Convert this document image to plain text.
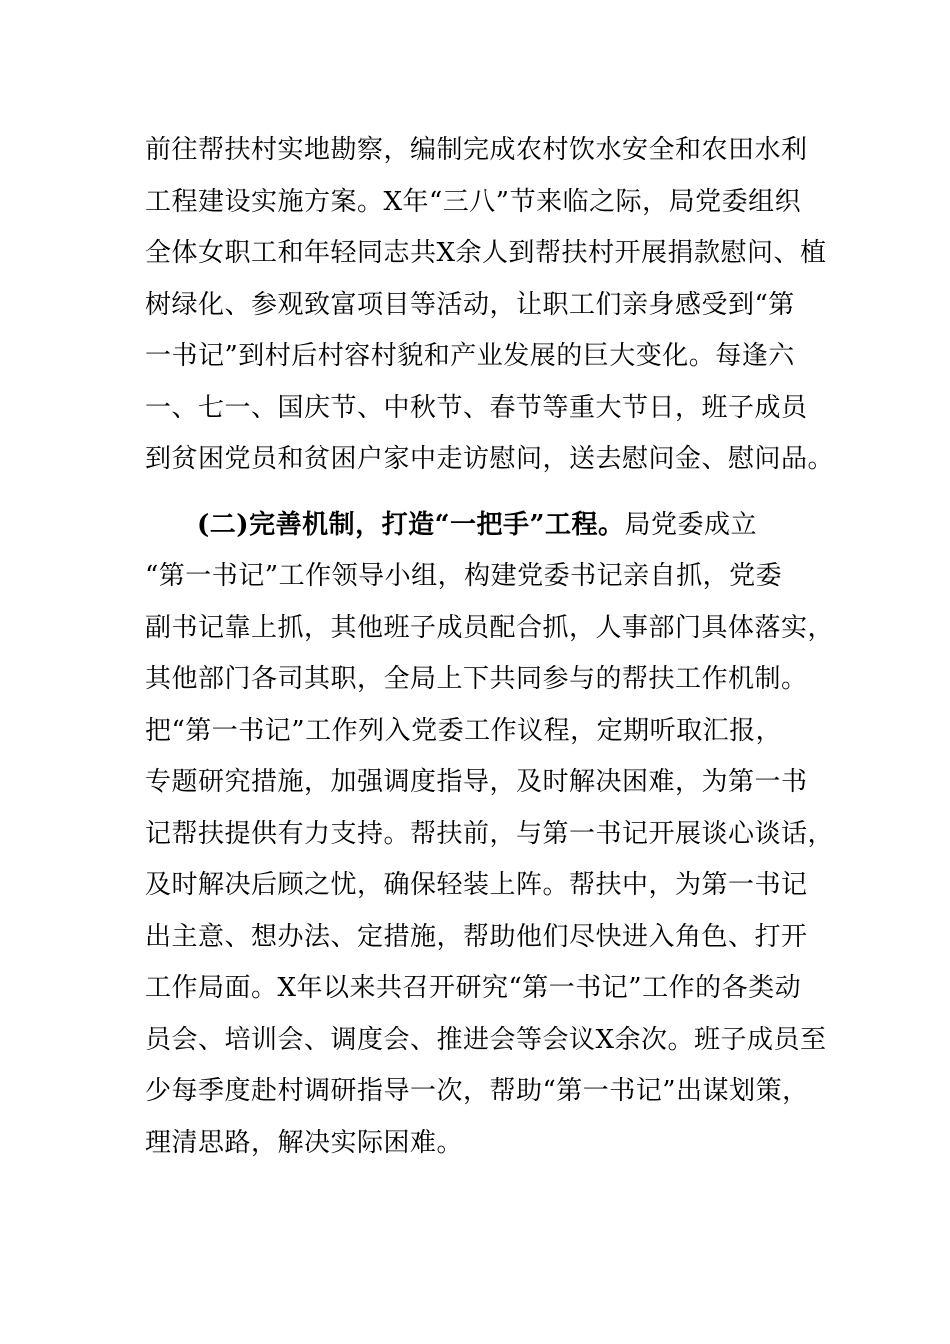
前往帮扶村实地勘察，编制完成农村饮水安全和农田水利
工程建设实施方案。X年“三八”节来临之际，局党委组织
全体女职工和年轻同志共X余人到帮扶村开展捐款慰问、植
树绿化、参观致富项目等活动，让职工们亲身感受到“第
一书记”到村后村容村貌和产业发展的巨大变化。每逢六
一、七一、国庆节、中秋节、春节等重大节日，班子成员
到贫困党员和贫困户家中走访慰问，送去慰问金、慰问品。
(二)完善机制，打造“一把手”工程。局党委成立
“第一书记”工作领导小组，构建党委书记亲自抓，党委
副书记靠上抓，其他班子成员配合抓，人事部门具体落实，
其他部门各司其职，全局上下共同参与的帮扶工作机制。
把“第一书记”工作列入党委工作议程，定期听取汇报，
专题研究措施，加强调度指导，及时解决困难，为第一书
记帮扶提供有力支持。帮扶前，与第一书记开展谈心谈话，
及时解决后顾之忧，确保轻装上阵。帮扶中，为第一书记
出主意、想办法、定措施，帮助他们尽快进入角色、打开
工作局面。X年以来共召开研究“第一书记”工作的各类动
员会、培训会、调度会、推进会等会议X余次。班子成员至
少每季度赴村调研指导一次，帮助“第一书记”出谋划策，
理清思路，解决实际困难。
